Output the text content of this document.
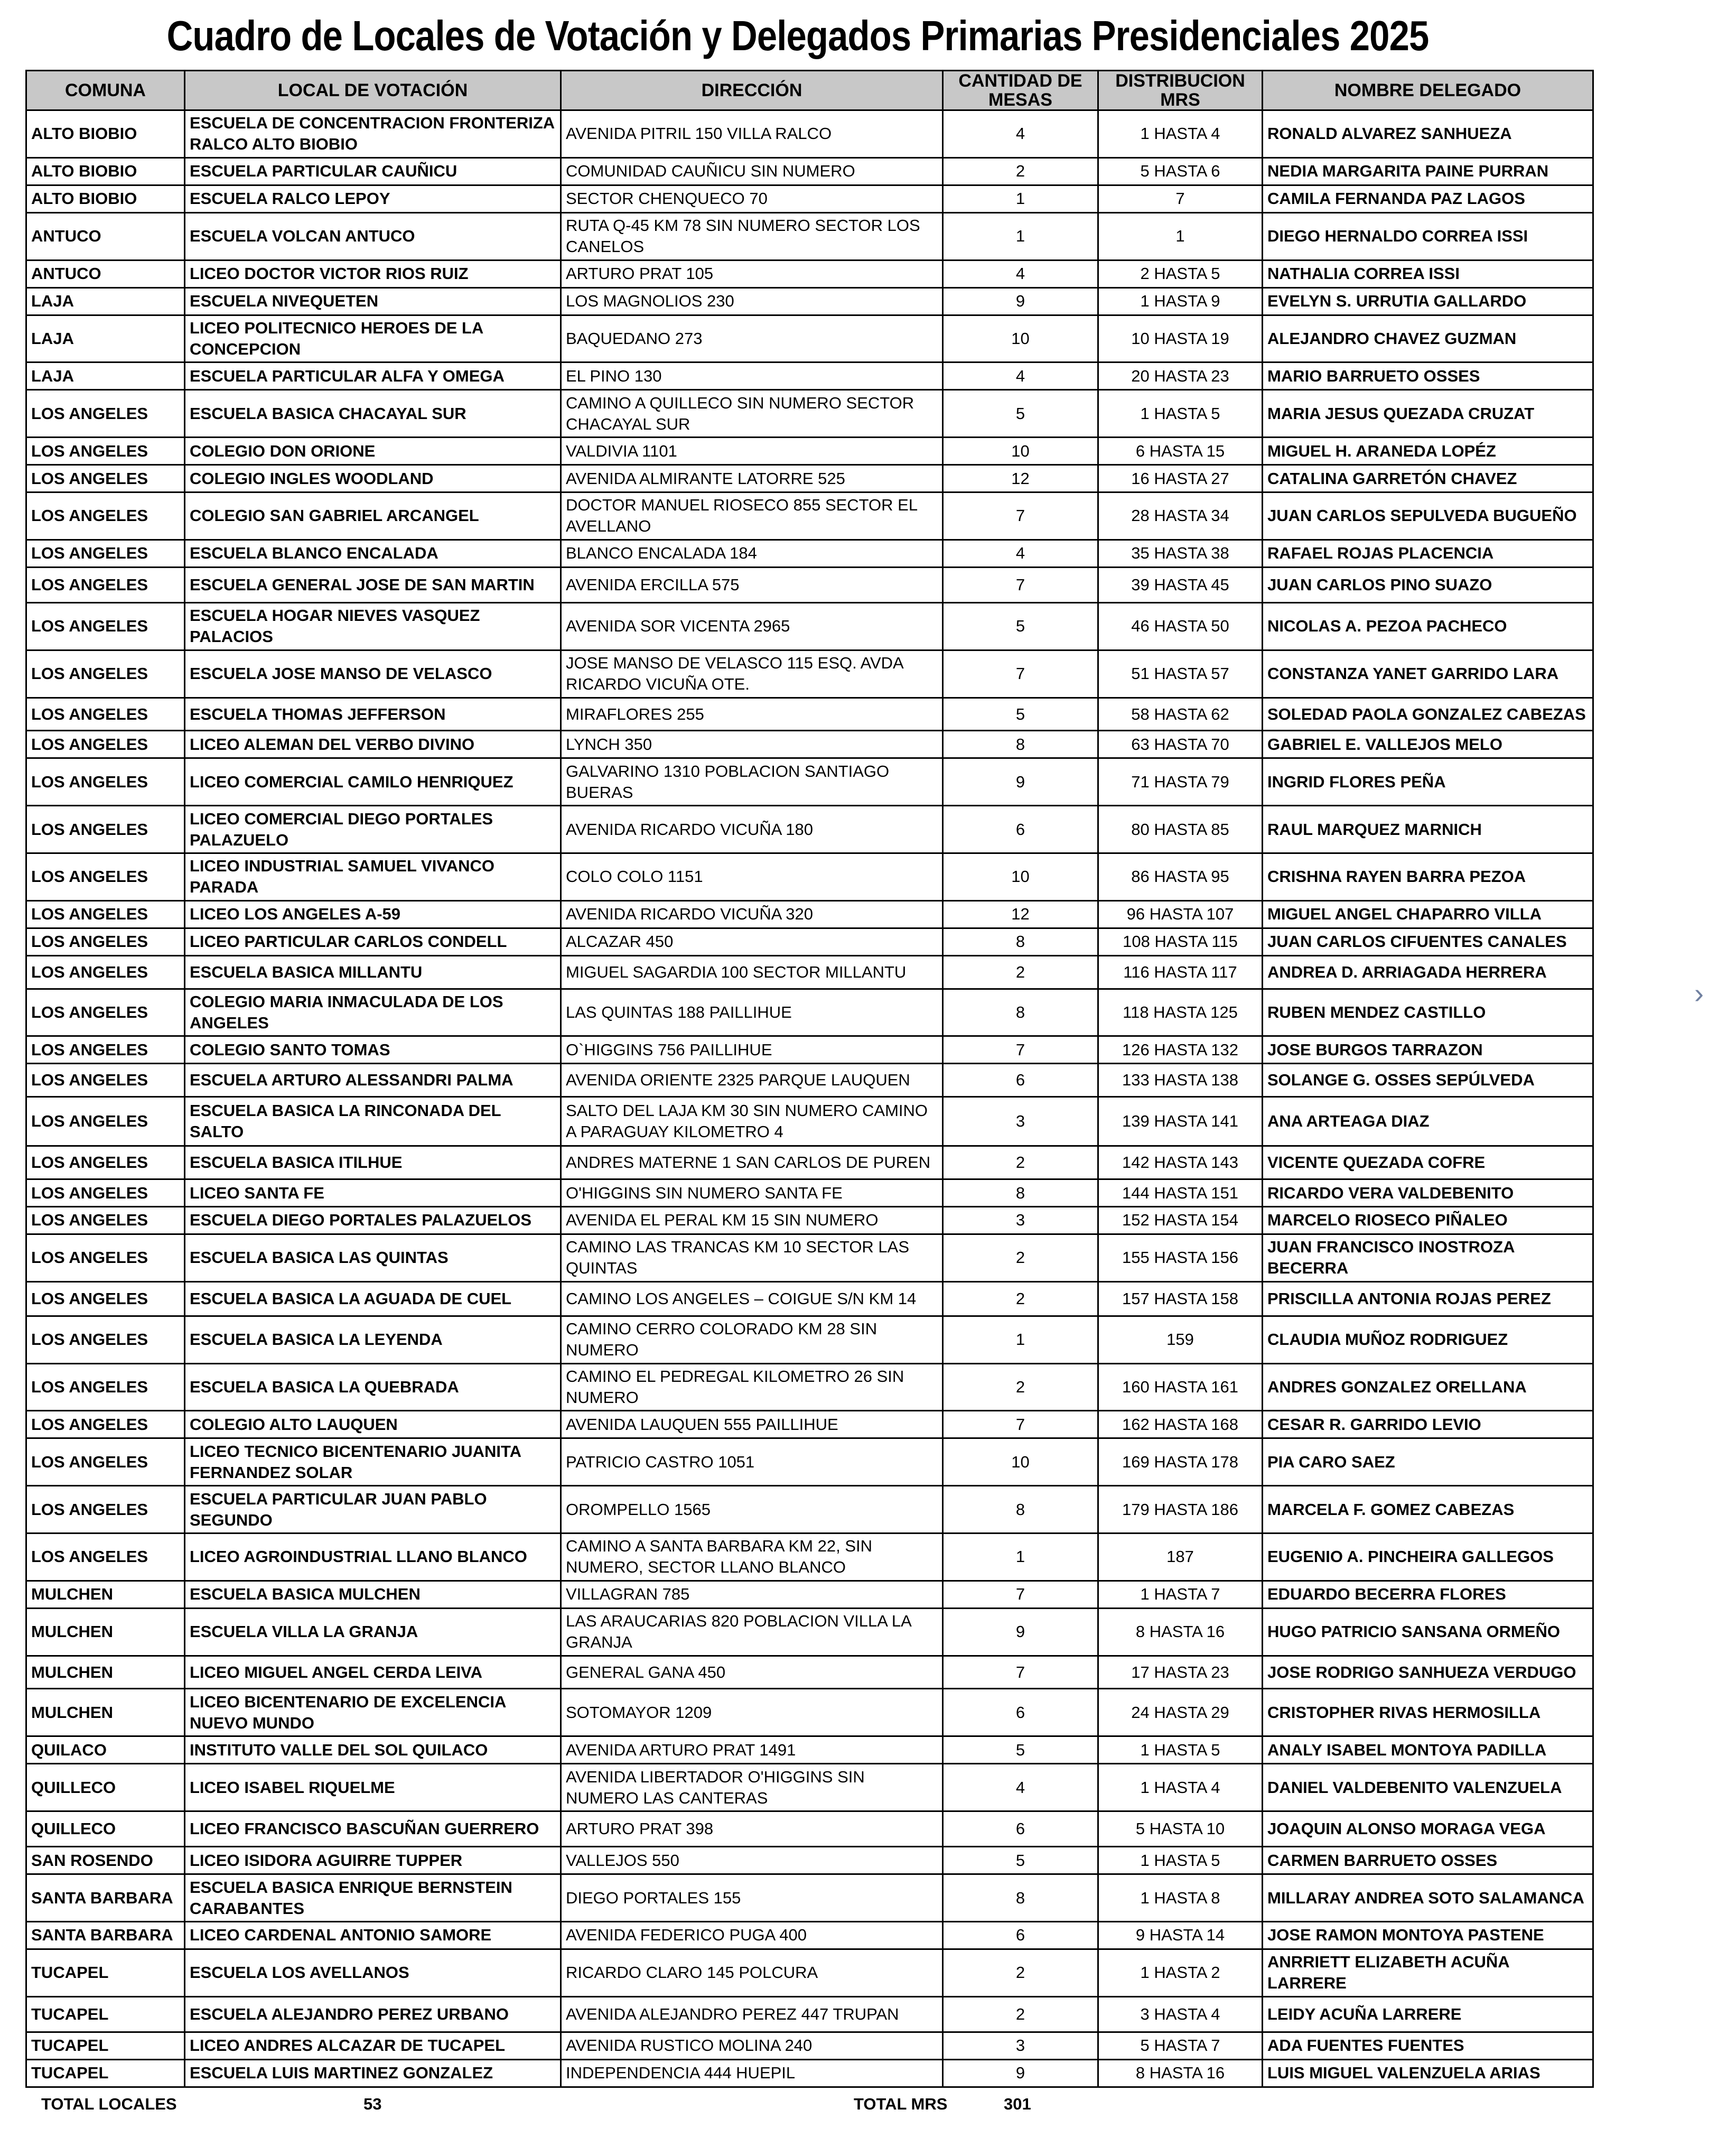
Cuadro de Locales de Votación y Delegados Primarias Presidenciales 2025
COMUNA	LOCAL DE VOTACIÓN	DIRECCIÓN	CANTIDAD DE MESAS	DISTRIBUCION MRS	NOMBRE DELEGADO
ALTO BIOBIO	ESCUELA DE CONCENTRACION FRONTERIZA RALCO ALTO BIOBIO	AVENIDA PITRIL 150 VILLA RALCO	4	1 HASTA 4	RONALD ALVAREZ SANHUEZA
ALTO BIOBIO	ESCUELA PARTICULAR CAUÑICU	COMUNIDAD CAUÑICU SIN NUMERO	2	5 HASTA 6	NEDIA MARGARITA PAINE PURRAN
ALTO BIOBIO	ESCUELA RALCO LEPOY	SECTOR CHENQUECO 70	1	7	CAMILA FERNANDA PAZ LAGOS
ANTUCO	ESCUELA VOLCAN ANTUCO	RUTA Q-45 KM 78 SIN NUMERO SECTOR LOS CANELOS	1	1	DIEGO HERNALDO CORREA ISSI
ANTUCO	LICEO DOCTOR VICTOR RIOS RUIZ	ARTURO PRAT 105	4	2 HASTA 5	NATHALIA CORREA ISSI
LAJA	ESCUELA NIVEQUETEN	LOS MAGNOLIOS 230	9	1 HASTA 9	EVELYN S. URRUTIA GALLARDO
LAJA	LICEO POLITECNICO HEROES DE LA CONCEPCION	BAQUEDANO 273	10	10 HASTA 19	ALEJANDRO CHAVEZ GUZMAN
LAJA	ESCUELA PARTICULAR ALFA Y OMEGA	EL PINO 130	4	20 HASTA 23	MARIO BARRUETO OSSES
LOS ANGELES	ESCUELA BASICA CHACAYAL SUR	CAMINO A QUILLECO SIN NUMERO SECTOR CHACAYAL SUR	5	1 HASTA 5	MARIA JESUS QUEZADA CRUZAT
LOS ANGELES	COLEGIO DON ORIONE	VALDIVIA 1101	10	6 HASTA 15	MIGUEL H. ARANEDA LOPÉZ
LOS ANGELES	COLEGIO INGLES WOODLAND	AVENIDA ALMIRANTE LATORRE 525	12	16 HASTA 27	CATALINA GARRETÓN CHAVEZ
LOS ANGELES	COLEGIO SAN GABRIEL ARCANGEL	DOCTOR MANUEL RIOSECO 855 SECTOR EL AVELLANO	7	28 HASTA 34	JUAN CARLOS SEPULVEDA BUGUEÑO
LOS ANGELES	ESCUELA BLANCO ENCALADA	BLANCO ENCALADA 184	4	35 HASTA 38	RAFAEL ROJAS PLACENCIA
LOS ANGELES	ESCUELA GENERAL JOSE DE SAN MARTIN	AVENIDA ERCILLA 575	7	39 HASTA 45	JUAN CARLOS PINO SUAZO
LOS ANGELES	ESCUELA HOGAR NIEVES VASQUEZ PALACIOS	AVENIDA SOR VICENTA 2965	5	46 HASTA 50	NICOLAS A. PEZOA PACHECO
LOS ANGELES	ESCUELA JOSE MANSO DE VELASCO	JOSE MANSO DE VELASCO 115 ESQ. AVDA RICARDO VICUÑA OTE.	7	51 HASTA 57	CONSTANZA YANET GARRIDO LARA
LOS ANGELES	ESCUELA THOMAS JEFFERSON	MIRAFLORES 255	5	58 HASTA 62	SOLEDAD PAOLA GONZALEZ CABEZAS
LOS ANGELES	LICEO ALEMAN DEL VERBO DIVINO	LYNCH 350	8	63 HASTA 70	GABRIEL E. VALLEJOS MELO
LOS ANGELES	LICEO COMERCIAL CAMILO HENRIQUEZ	GALVARINO 1310 POBLACION SANTIAGO BUERAS	9	71 HASTA 79	INGRID FLORES PEÑA
LOS ANGELES	LICEO COMERCIAL DIEGO PORTALES PALAZUELO	AVENIDA RICARDO VICUÑA 180	6	80 HASTA 85	RAUL MARQUEZ MARNICH
LOS ANGELES	LICEO INDUSTRIAL SAMUEL VIVANCO PARADA	COLO COLO 1151	10	86 HASTA 95	CRISHNA RAYEN BARRA PEZOA
LOS ANGELES	LICEO LOS ANGELES A-59	AVENIDA RICARDO VICUÑA 320	12	96 HASTA 107	MIGUEL ANGEL CHAPARRO VILLA
LOS ANGELES	LICEO PARTICULAR CARLOS CONDELL	ALCAZAR 450	8	108 HASTA 115	JUAN CARLOS CIFUENTES CANALES
LOS ANGELES	ESCUELA BASICA MILLANTU	MIGUEL SAGARDIA 100 SECTOR MILLANTU	2	116 HASTA 117	ANDREA D. ARRIAGADA HERRERA
LOS ANGELES	COLEGIO MARIA INMACULADA DE LOS ANGELES	LAS QUINTAS 188 PAILLIHUE	8	118 HASTA 125	RUBEN MENDEZ CASTILLO
LOS ANGELES	COLEGIO SANTO TOMAS	O`HIGGINS 756 PAILLIHUE	7	126 HASTA 132	JOSE BURGOS TARRAZON
LOS ANGELES	ESCUELA ARTURO ALESSANDRI PALMA	AVENIDA ORIENTE 2325 PARQUE LAUQUEN	6	133 HASTA 138	SOLANGE G. OSSES SEPÚLVEDA
LOS ANGELES	ESCUELA BASICA LA RINCONADA DEL SALTO	SALTO DEL LAJA KM 30 SIN NUMERO CAMINO A PARAGUAY KILOMETRO 4	3	139 HASTA 141	ANA ARTEAGA DIAZ
LOS ANGELES	ESCUELA BASICA ITILHUE	ANDRES MATERNE 1 SAN CARLOS DE PUREN	2	142 HASTA 143	VICENTE QUEZADA COFRE
LOS ANGELES	LICEO SANTA FE	O'HIGGINS SIN NUMERO SANTA FE	8	144 HASTA 151	RICARDO VERA VALDEBENITO
LOS ANGELES	ESCUELA DIEGO PORTALES PALAZUELOS	AVENIDA EL PERAL KM 15 SIN NUMERO	3	152 HASTA 154	MARCELO RIOSECO PIÑALEO
LOS ANGELES	ESCUELA BASICA LAS QUINTAS	CAMINO LAS TRANCAS KM 10 SECTOR LAS QUINTAS	2	155 HASTA 156	JUAN FRANCISCO INOSTROZA BECERRA
LOS ANGELES	ESCUELA BASICA LA AGUADA DE CUEL	CAMINO LOS ANGELES – COIGUE S/N KM 14	2	157 HASTA 158	PRISCILLA ANTONIA ROJAS PEREZ
LOS ANGELES	ESCUELA BASICA LA LEYENDA	CAMINO CERRO COLORADO KM 28 SIN NUMERO	1	159	CLAUDIA MUÑOZ RODRIGUEZ
LOS ANGELES	ESCUELA BASICA LA QUEBRADA	CAMINO EL PEDREGAL KILOMETRO 26 SIN NUMERO	2	160 HASTA 161	ANDRES GONZALEZ ORELLANA
LOS ANGELES	COLEGIO ALTO LAUQUEN	AVENIDA LAUQUEN 555 PAILLIHUE	7	162 HASTA 168	CESAR R. GARRIDO LEVIO
LOS ANGELES	LICEO TECNICO BICENTENARIO JUANITA FERNANDEZ SOLAR	PATRICIO CASTRO 1051	10	169 HASTA 178	PIA CARO SAEZ
LOS ANGELES	ESCUELA PARTICULAR JUAN PABLO SEGUNDO	OROMPELLO 1565	8	179 HASTA 186	MARCELA F. GOMEZ CABEZAS
LOS ANGELES	LICEO AGROINDUSTRIAL LLANO BLANCO	CAMINO A SANTA BARBARA KM 22, SIN NUMERO, SECTOR LLANO BLANCO	1	187	EUGENIO A. PINCHEIRA GALLEGOS
MULCHEN	ESCUELA BASICA MULCHEN	VILLAGRAN 785	7	1 HASTA 7	EDUARDO BECERRA FLORES
MULCHEN	ESCUELA VILLA LA GRANJA	LAS ARAUCARIAS 820 POBLACION VILLA LA GRANJA	9	8 HASTA 16	HUGO PATRICIO SANSANA ORMEÑO
MULCHEN	LICEO MIGUEL ANGEL CERDA LEIVA	GENERAL GANA 450	7	17 HASTA 23	JOSE RODRIGO SANHUEZA VERDUGO
MULCHEN	LICEO BICENTENARIO DE EXCELENCIA NUEVO MUNDO	SOTOMAYOR 1209	6	24 HASTA 29	CRISTOPHER RIVAS HERMOSILLA
QUILACO	INSTITUTO VALLE DEL SOL QUILACO	AVENIDA ARTURO PRAT 1491	5	1 HASTA 5	ANALY ISABEL MONTOYA PADILLA
QUILLECO	LICEO ISABEL RIQUELME	AVENIDA LIBERTADOR O'HIGGINS SIN NUMERO LAS CANTERAS	4	1 HASTA 4	DANIEL VALDEBENITO VALENZUELA
QUILLECO	LICEO FRANCISCO BASCUÑAN GUERRERO	ARTURO PRAT 398	6	5 HASTA 10	JOAQUIN ALONSO MORAGA VEGA
SAN ROSENDO	LICEO ISIDORA AGUIRRE TUPPER	VALLEJOS 550	5	1 HASTA 5	CARMEN BARRUETO OSSES
SANTA BARBARA	ESCUELA BASICA ENRIQUE BERNSTEIN CARABANTES	DIEGO PORTALES 155	8	1 HASTA 8	MILLARAY ANDREA SOTO SALAMANCA
SANTA BARBARA	LICEO CARDENAL ANTONIO SAMORE	AVENIDA FEDERICO PUGA 400	6	9 HASTA 14	JOSE RAMON MONTOYA PASTENE
TUCAPEL	ESCUELA LOS AVELLANOS	RICARDO CLARO 145 POLCURA	2	1 HASTA 2	ANRRIETT ELIZABETH ACUÑA LARRERE
TUCAPEL	ESCUELA ALEJANDRO PEREZ URBANO	AVENIDA ALEJANDRO PEREZ 447 TRUPAN	2	3 HASTA 4	LEIDY ACUÑA LARRERE
TUCAPEL	LICEO ANDRES ALCAZAR DE TUCAPEL	AVENIDA RUSTICO MOLINA 240	3	5 HASTA 7	ADA FUENTES FUENTES
TUCAPEL	ESCUELA LUIS MARTINEZ GONZALEZ	INDEPENDENCIA 444 HUEPIL	9	8 HASTA 16	LUIS MIGUEL VALENZUELA ARIAS
TOTAL LOCALES	53	TOTAL MRS	301
›
